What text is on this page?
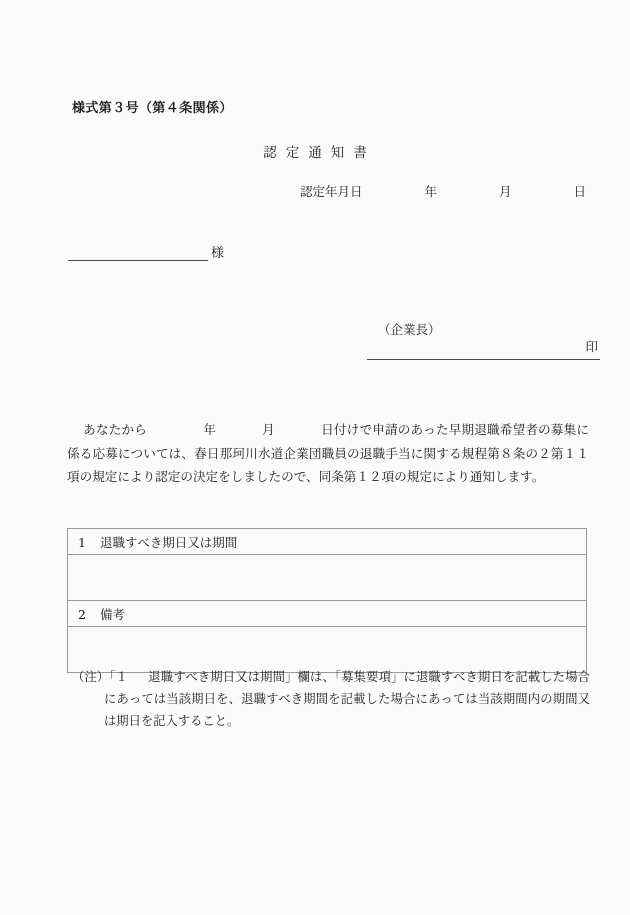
様式第３号（第４条関係）
認定通知書
認定年月日	年	月	日
様
（企業長）
印
あなたから	年	月	日付けで申請のあった早期退職希望者の募集に係る応募については、春日那珂川水道企業団職員の退職手当に関する規程第８条の２第１１項の規定により認定の決定をしましたので、同条第１２項の規定により通知します。
1 退職すべき期日又は期間

2 備考

（注）「１ 退職すべき期日又は期間」欄は、「募集要項」に退職すべき期日を記載した場合にあっては当該期日を、退職すべき期間を記載した場合にあっては当該期間内の期間又は期日を記入すること。
